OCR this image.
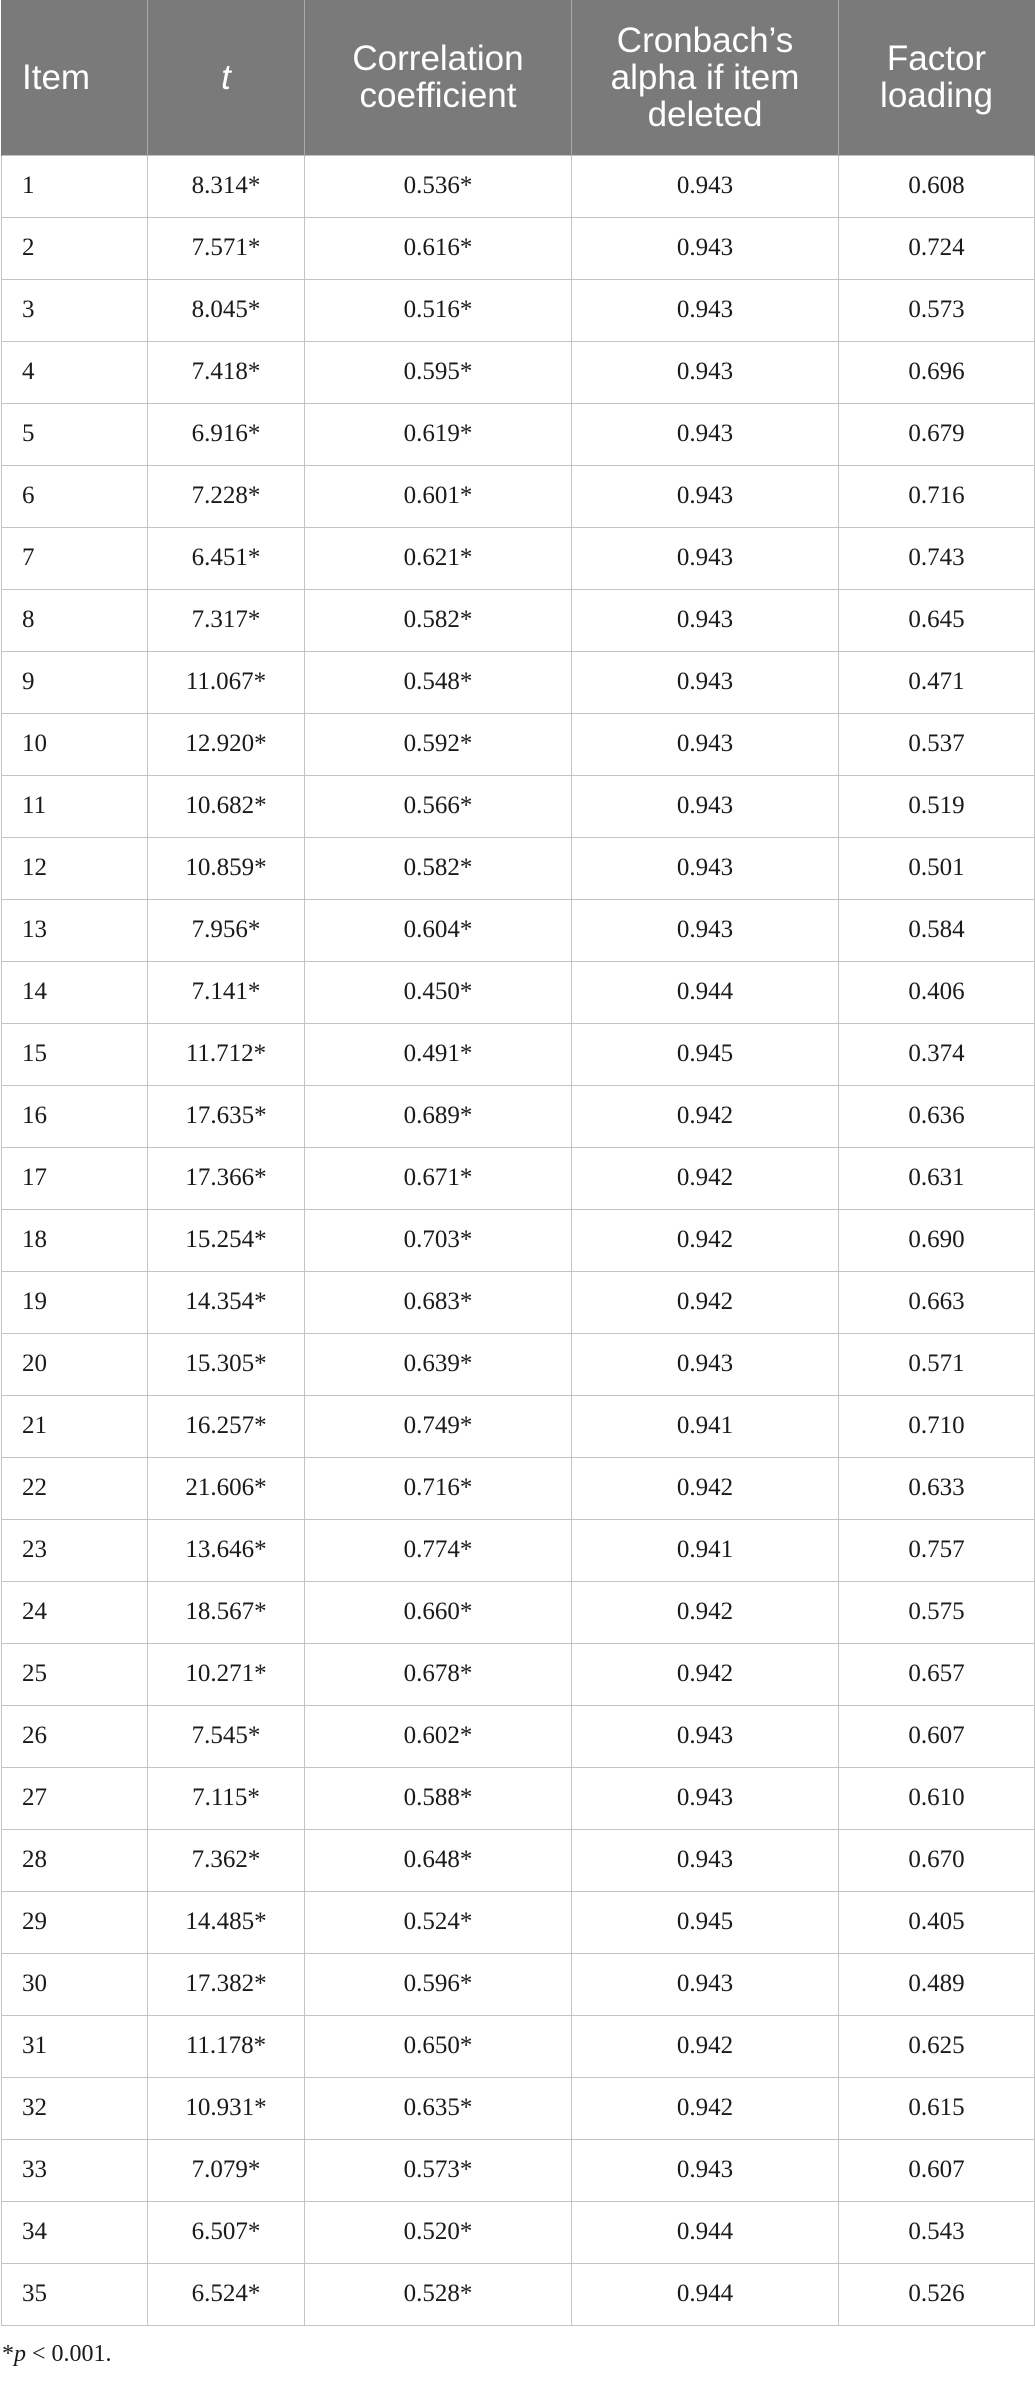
Item	t	Correlation coefficient	Cronbach’s alpha if item deleted	Factor loading
1	8.314*	0.536*	0.943	0.608
2	7.571*	0.616*	0.943	0.724
3	8.045*	0.516*	0.943	0.573
4	7.418*	0.595*	0.943	0.696
5	6.916*	0.619*	0.943	0.679
6	7.228*	0.601*	0.943	0.716
7	6.451*	0.621*	0.943	0.743
8	7.317*	0.582*	0.943	0.645
9	11.067*	0.548*	0.943	0.471
10	12.920*	0.592*	0.943	0.537
11	10.682*	0.566*	0.943	0.519
12	10.859*	0.582*	0.943	0.501
13	7.956*	0.604*	0.943	0.584
14	7.141*	0.450*	0.944	0.406
15	11.712*	0.491*	0.945	0.374
16	17.635*	0.689*	0.942	0.636
17	17.366*	0.671*	0.942	0.631
18	15.254*	0.703*	0.942	0.690
19	14.354*	0.683*	0.942	0.663
20	15.305*	0.639*	0.943	0.571
21	16.257*	0.749*	0.941	0.710
22	21.606*	0.716*	0.942	0.633
23	13.646*	0.774*	0.941	0.757
24	18.567*	0.660*	0.942	0.575
25	10.271*	0.678*	0.942	0.657
26	7.545*	0.602*	0.943	0.607
27	7.115*	0.588*	0.943	0.610
28	7.362*	0.648*	0.943	0.670
29	14.485*	0.524*	0.945	0.405
30	17.382*	0.596*	0.943	0.489
31	11.178*	0.650*	0.942	0.625
32	10.931*	0.635*	0.942	0.615
33	7.079*	0.573*	0.943	0.607
34	6.507*	0.520*	0.944	0.543
35	6.524*	0.528*	0.944	0.526
*p < 0.001.
